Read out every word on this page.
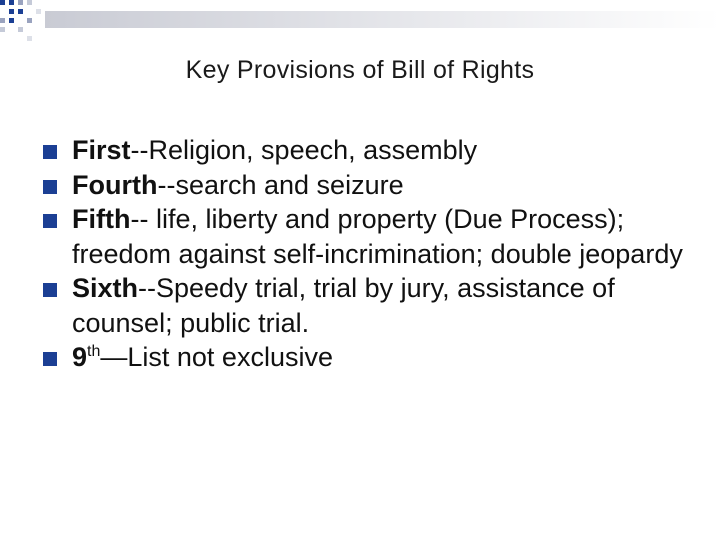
Key Provisions of Bill of Rights
First--Religion, speech, assembly
Fourth--search and seizure
Fifth-- life, liberty and property (Due Process); freedom against self-incrimination; double jeopardy
Sixth--Speedy trial, trial by jury, assistance of counsel; public trial.
9th—List not exclusive
